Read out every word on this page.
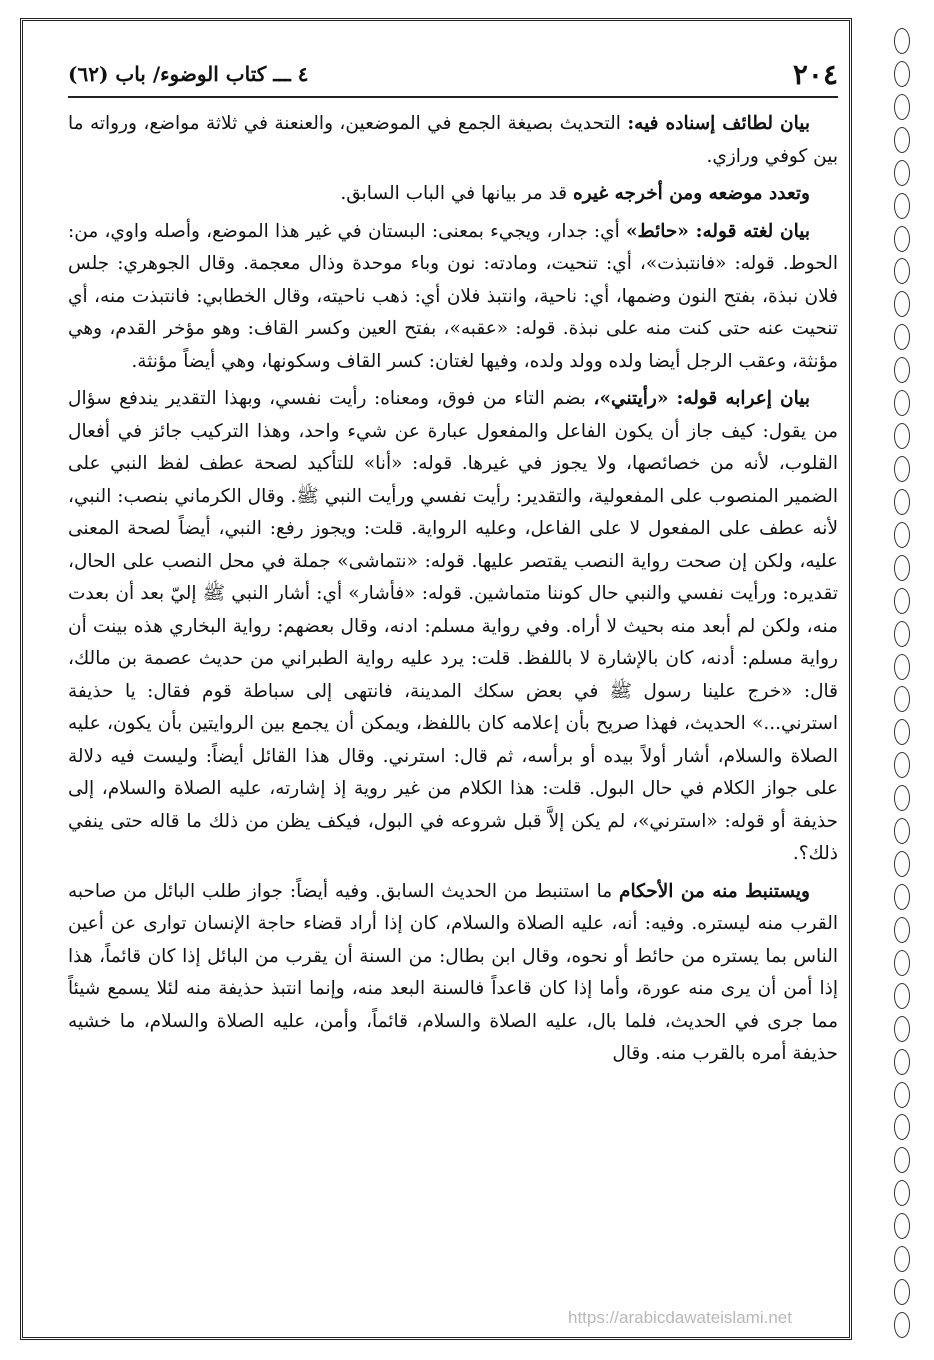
٢٠٤
٤ ـــ كتاب الوضوء/ باب (٦٢)

بيان لطائف إسناده فيه: التحديث بصيغة الجمع في الموضعين، والعنعنة في ثلاثة مواضع، ورواته ما بين كوفي ورازي.

وتعدد موضعه ومن أخرجه غيره قد مر بيانها في الباب السابق.

بيان لغته قوله: «حائط» أي: جدار، ويجيء بمعنى: البستان في غير هذا الموضع، وأصله واوي، من: الحوط. قوله: «فانتبذت»، أي: تنحيت، ومادته: نون وباء موحدة وذال معجمة. وقال الجوهري: جلس فلان نبذة، بفتح النون وضمها، أي: ناحية، وانتبذ فلان أي: ذهب ناحيته، وقال الخطابي: فانتبذت منه، أي تنحيت عنه حتى كنت منه على نبذة. قوله: «عقبه»، بفتح العين وكسر القاف: وهو مؤخر القدم، وهي مؤنثة، وعقب الرجل أيضا ولده وولد ولده، وفيها لغتان: كسر القاف وسكونها، وهي أيضاً مؤنثة.

بيان إعرابه قوله: «رأيتني»، بضم التاء من فوق، ومعناه: رأيت نفسي، وبهذا التقدير يندفع سؤال من يقول: كيف جاز أن يكون الفاعل والمفعول عبارة عن شيء واحد، وهذا التركيب جائز في أفعال القلوب، لأنه من خصائصها، ولا يجوز في غيرها. قوله: «أنا» للتأكيد لصحة عطف لفظ النبي على الضمير المنصوب على المفعولية، والتقدير: رأيت نفسي ورأيت النبي ﷺ. وقال الكرماني بنصب: النبي، لأنه عطف على المفعول لا على الفاعل، وعليه الرواية. قلت: ويجوز رفع: النبي، أيضاً لصحة المعنى عليه، ولكن إن صحت رواية النصب يقتصر عليها. قوله: «نتماشى» جملة في محل النصب على الحال، تقديره: ورأيت نفسي والنبي حال كوننا متماشين. قوله: «فأشار» أي: أشار النبي ﷺ إليّ بعد أن بعدت منه، ولكن لم أبعد منه بحيث لا أراه. وفي رواية مسلم: ادنه، وقال بعضهم: رواية البخاري هذه بينت أن رواية مسلم: أدنه، كان بالإشارة لا باللفظ. قلت: يرد عليه رواية الطبراني من حديث عصمة بن مالك، قال: «خرج علينا رسول ﷺ في بعض سكك المدينة، فانتهى إلى سباطة قوم فقال: يا حذيفة استرني...» الحديث، فهذا صريح بأن إعلامه كان باللفظ، ويمكن أن يجمع بين الروايتين بأن يكون، عليه الصلاة والسلام، أشار أولاً بيده أو برأسه، ثم قال: استرني. وقال هذا القائل أيضاً: وليست فيه دلالة على جواز الكلام في حال البول. قلت: هذا الكلام من غير روية إذ إشارته، عليه الصلاة والسلام، إلى حذيفة أو قوله: «استرني»، لم يكن إلاَّ قبل شروعه في البول، فيكف يظن من ذلك ما قاله حتى ينفي ذلك؟.

ويستنبط منه من الأحكام ما استنبط من الحديث السابق. وفيه أيضاً: جواز طلب البائل من صاحبه القرب منه ليستره. وفيه: أنه، عليه الصلاة والسلام، كان إذا أراد قضاء حاجة الإنسان توارى عن أعين الناس بما يستره من حائط أو نحوه، وقال ابن بطال: من السنة أن يقرب من البائل إذا كان قائماً، هذا إذا أمن أن يرى منه عورة، وأما إذا كان قاعداً فالسنة البعد منه، وإنما انتبذ حذيفة منه لئلا يسمع شيئاً مما جرى في الحديث، فلما بال، عليه الصلاة والسلام، قائماً، وأمن، عليه الصلاة والسلام، ما خشيه حذيفة أمره بالقرب منه. وقال

https://arabicdawateislami.net
